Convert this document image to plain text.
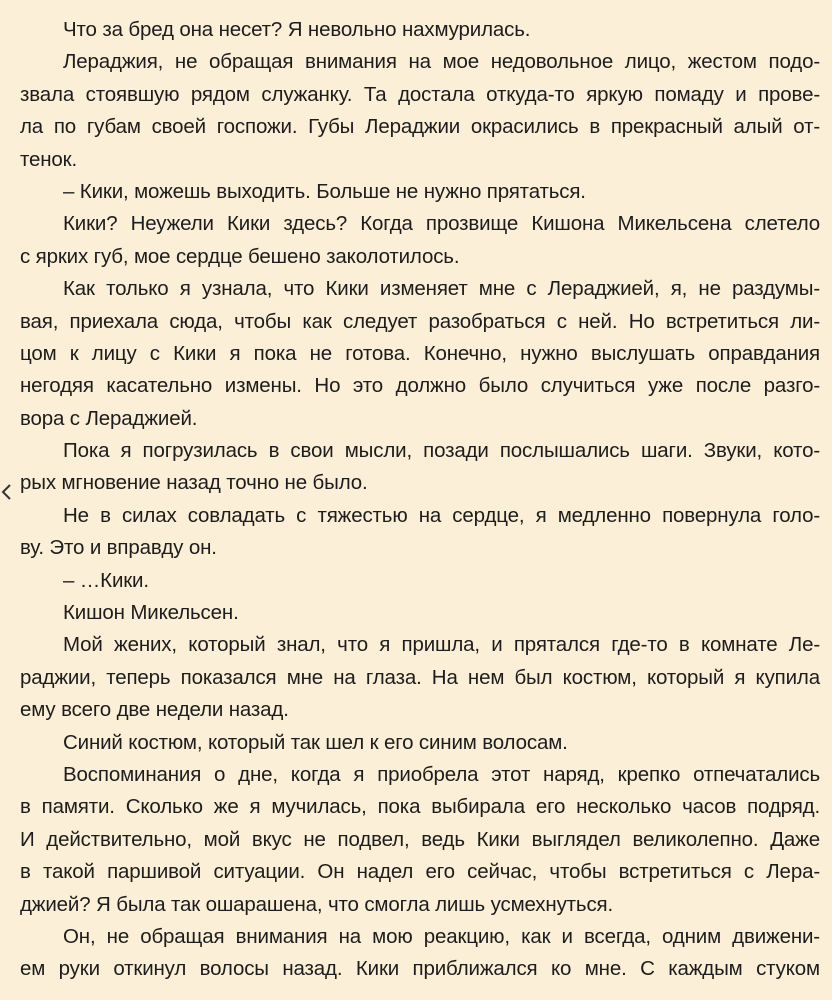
Что за бред она несет? Я невольно нахмурилась.
Лераджия, не обращая внимания на мое недовольное лицо, жестом подо-
звала стоявшую рядом служанку. Та достала откуда-то яркую помаду и прове-
ла по губам своей госпожи. Губы Лераджии окрасились в прекрасный алый от-
тенок.
– Кики, можешь выходить. Больше не нужно прятаться.
Кики? Неужели Кики здесь? Когда прозвище Кишона Микельсена слетело
с ярких губ, мое сердце бешено заколотилось.
Как только я узнала, что Кики изменяет мне с Лераджией, я, не раздумы-
вая, приехала сюда, чтобы как следует разобраться с ней. Но встретиться ли-
цом к лицу с Кики я пока не готова. Конечно, нужно выслушать оправдания
негодяя касательно измены. Но это должно было случиться уже после разго-
вора с Лераджией.
Пока я погрузилась в свои мысли, позади послышались шаги. Звуки, кото-
рых мгновение назад точно не было.
Не в силах совладать с тяжестью на сердце, я медленно повернула голо-
ву. Это и вправду он.
– …Кики.
Кишон Микельсен.
Мой жених, который знал, что я пришла, и прятался где-то в комнате Ле-
раджии, теперь показался мне на глаза. На нем был костюм, который я купила
ему всего две недели назад.
Синий костюм, который так шел к его синим волосам.
Воспоминания о дне, когда я приобрела этот наряд, крепко отпечатались
в памяти. Сколько же я мучилась, пока выбирала его несколько часов подряд.
И действительно, мой вкус не подвел, ведь Кики выглядел великолепно. Даже
в такой паршивой ситуации. Он надел его сейчас, чтобы встретиться с Лера-
джией? Я была так ошарашена, что смогла лишь усмехнуться.
Он, не обращая внимания на мою реакцию, как и всегда, одним движени-
ем руки откинул волосы назад. Кики приближался ко мне. С каждым стуком
